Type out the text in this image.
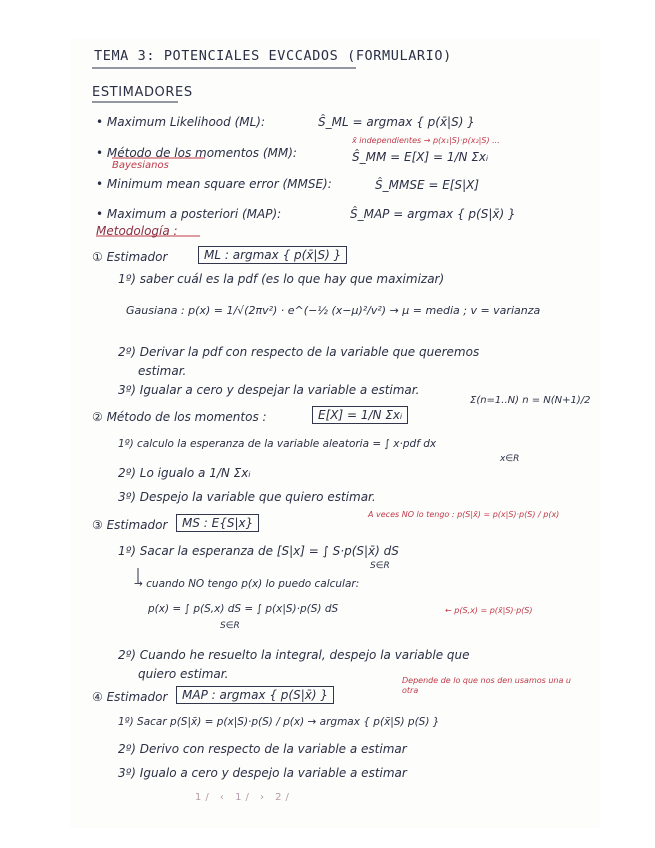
TEMA 3: POTENCIALES EVCCADOS (FORMULARIO)
ESTIMADORES
• Maximum Likelihood (ML):	Ŝ_ML = argmax { p(x̄|S) }
x̄ independientes → p(x₁|S)·p(x₂|S) ...
• Método de los momentos (MM):	Ŝ_MM = E[X] = 1/N Σxᵢ
Bayesianos
• Minimum mean square error (MMSE):	Ŝ_MMSE = E[S|X]
• Maximum a posteriori (MAP):	Ŝ_MAP = argmax { p(S|x̄) }
Metodología :
① Estimador	ML : argmax { p(x̄|S) }
1º) saber cuál es la pdf (es lo que hay que maximizar)
Gausiana : p(x) = 1/√(2πv²) · e^(−½ (x−μ)²/v²) → μ = media ; v = varianza
2º) Derivar la pdf con respecto de la variable que queremos
estimar.
3º) Igualar a cero y despejar la variable a estimar.
Σ(n=1..N) n = N(N+1)/2
② Método de los momentos :	E[X] = 1/N Σxᵢ
1º) calculo la esperanza de la variable aleatoria = ∫ x·pdf dx
x∈R
2º) Lo igualo a 1/N Σxᵢ
3º) Despejo la variable que quiero estimar.
A veces NO lo tengo : p(S|x̄) = p(x|S)·p(S) / p(x)
③ Estimador	MS : E{S|x}
1º) Sacar la esperanza de [S|x] = ∫ S·p(S|x̄) dS
S∈R
→ cuando NO tengo p(x) lo puedo calcular:
p(x) = ∫ p(S,x) dS = ∫ p(x|S)·p(S) dS
S∈R
← p(S,x) = p(x̄|S)·p(S)
2º) Cuando he resuelto la integral, despejo la variable que
quiero estimar.	Depende de lo que nos den usamos una u otra
④ Estimador	MAP : argmax { p(S|x̄) }
1º) Sacar p(S|x̄) = p(x|S)·p(S) / p(x) → argmax { p(x̄|S) p(S) }
2º) Derivo con respecto de la variable a estimar
3º) Igualo a cero y despejo la variable a estimar
1/ ‹ 1/ › 2/
